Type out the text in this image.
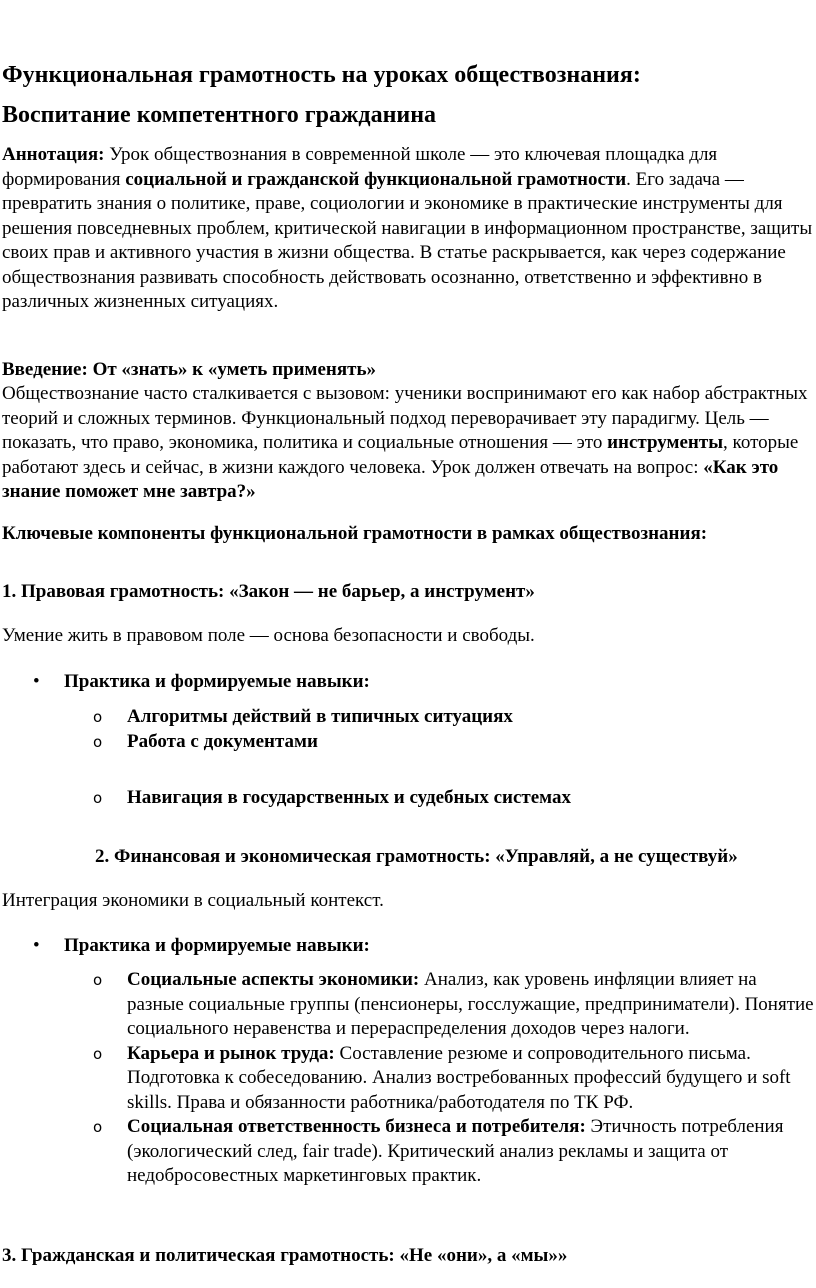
Функциональная грамотность на уроках обществознания:
Воспитание компетентного гражданина

Аннотация: Урок обществознания в современной школе — это ключевая площадка для формирования социальной и гражданской функциональной грамотности. Его задача — превратить знания о политике, праве, социологии и экономике в практические инструменты для решения повседневных проблем, критической навигации в информационном пространстве, защиты своих прав и активного участия в жизни общества. В статье раскрывается, как через содержание обществознания развивать способность действовать осознанно, ответственно и эффективно в различных жизненных ситуациях.

Введение: От «знать» к «уметь применять»

Обществознание часто сталкивается с вызовом: ученики воспринимают его как набор абстрактных теорий и сложных терминов. Функциональный подход переворачивает эту парадигму. Цель — показать, что право, экономика, политика и социальные отношения — это инструменты, которые работают здесь и сейчас, в жизни каждого человека. Урок должен отвечать на вопрос: «Как это знание поможет мне завтра?»

Ключевые компоненты функциональной грамотности в рамках обществознания:

1. Правовая грамотность: «Закон — не барьер, а инструмент»

Умение жить в правовом поле — основа безопасности и свободы.

• Практика и формируемые навыки:
o Алгоритмы действий в типичных ситуациях
o Работа с документами
o Навигация в государственных и судебных системах

2. Финансовая и экономическая грамотность: «Управляй, а не существуй»

Интеграция экономики в социальный контекст.

• Практика и формируемые навыки:
o Социальные аспекты экономики: Анализ, как уровень инфляции влияет на разные социальные группы (пенсионеры, госслужащие, предприниматели). Понятие социального неравенства и перераспределения доходов через налоги.
o Карьера и рынок труда: Составление резюме и сопроводительного письма. Подготовка к собеседованию. Анализ востребованных профессий будущего и soft skills. Права и обязанности работника/работодателя по ТК РФ.
o Социальная ответственность бизнеса и потребителя: Этичность потребления (экологический след, fair trade). Критический анализ рекламы и защита от недобросовестных маркетинговых практик.

3. Гражданская и политическая грамотность: «Не «они», а «мы»»
